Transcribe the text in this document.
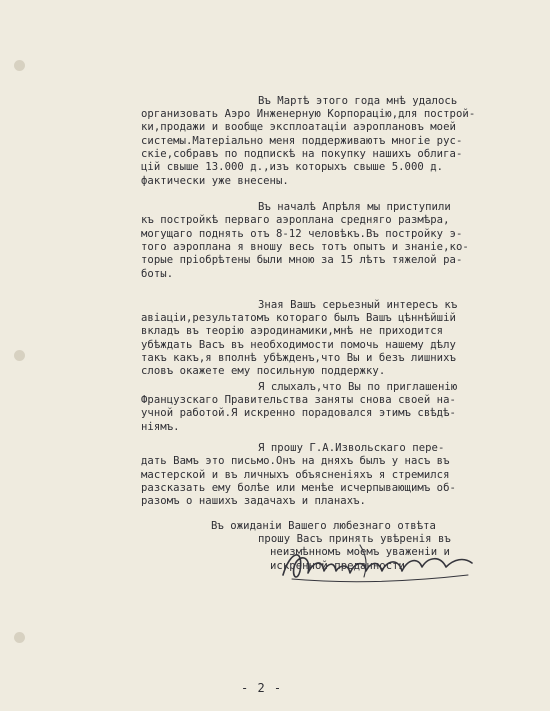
Въ Мартѣ этого года мнѣ удалось

организовать Аэро Инженерную Корпорацію,для построй-

ки,продажи и вообще эксплоатаціи аэроплановъ моей

системы.Матеріально меня поддерживаютъ многіе рус-

скіе,собравъ по подпискѣ на покупку нашихъ облига-

цій свыше 13.000 д.,изъ которыхъ свыше 5.000 д.

фактически уже внесены.

Въ началѣ Апрѣля мы приступили

къ постройкѣ перваго аэроплана средняго размѣра,

могущаго поднять отъ 8-12 человѣкъ.Въ постройку э-

того аэроплана я вношу весь тотъ опытъ и знаніе,ко-

торые пріобрѣтены были мною за 15 лѣтъ тяжелой ра-

боты.

Зная Вашъ серьезный интересъ къ

авіаціи,результатомъ котораго былъ Вашъ цѣннѣйшій

вкладъ въ теорію аэродинамики,мнѣ не приходится

убѣждать Васъ въ необходимости помочь нашему дѣлу

такъ какъ,я вполнѣ убѣжденъ,что Вы и безъ лишнихъ

словъ окажете ему посильную поддержку.

Я слыхалъ,что Вы по приглашенію

Французскаго Правительства заняты снова своей на-

учной работой.Я искренно порадовался этимъ свѣдѣ-

ніямъ.

Я прошу Г.А.Извольскаго пере-

дать Вамъ это письмо.Онъ на дняхъ былъ у насъ въ

мастерской и въ личныхъ объясненіяхъ я стремился

разсказать ему болѣе или менѣе исчерпывающимъ об-

разомъ о нашихъ задачахъ и планахъ.

Въ ожиданіи Вашего любезнаго отвѣта

прошу Васъ принять увѣренія въ

неизмѣнномъ моемъ уваженіи и

искренной преданности

- 2 -
